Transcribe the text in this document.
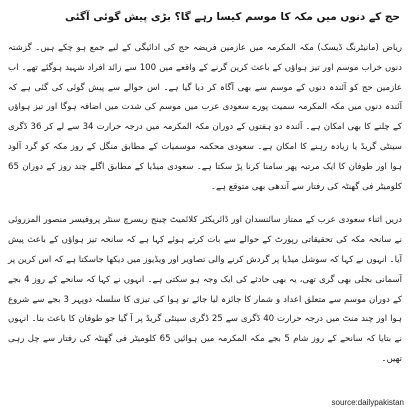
حج کے دنوں میں مکہ کا موسم کیسا رہے گا؟ بڑی پیش گوئی آگئی

ریاض (مانیٹرنگ ڈیسک) مکہ المکرمہ میں عازمین فریضہ حج کی ادائیگی کے لیے جمع ہو چکے ہیں۔ گزشتہ دنوں خراب موسم اور تیز ہواؤں کے باعث کرین گرنے کے واقعے میں 100 سے زائد افراد شہید ہوگئے تھے۔ اب عازمین حج کو آئندہ دنوں کے موسم سے بھی آگاہ کر دیا گیا ہے۔ اس حوالے سے پیش گوئی کی گئی ہے کہ آئندہ دنوں میں مکہ المکرمہ سمیت پورے سعودی عرب میں موسم کی شدت میں اضافہ ہوگا اور تیز ہواؤں کے چلنے کا بھی امکان ہے۔ آئندہ دو ہفتوں کے دوران مکہ المکرمہ میں درجہ حرارت 34 سے لے کر 36 ڈگری سینٹی گریڈ یا زیادہ رہنے کا امکان ہے۔ سعودی محکمہ موسمیات کے مطابق منگل کے روز مکہ کو گرد آلود ہوا اور طوفان کا ایک مرتبہ پھر سامنا کرنا پڑ سکتا ہے۔ سعودی میڈیا کے مطابق اگلے چند روز کے دوران 65 کلومیٹر فی گھنٹہ کی رفتار سے آندھی بھی متوقع ہے۔

دریں اثناء سعودی عرب کے ممتاز سائنسدان اور ڈائریکٹر کلائمیٹ چینج ریسرچ سنٹر پروفیسر منصور المزروئی نے سانحہ مکہ کی تحقیقاتی رپورٹ کے حوالے سے بات کرتے ہوئے کہا ہے کہ سانحہ تیز ہواؤں کے باعث پیش آیا۔ انہوں نے کہا کہ سوشل میڈیا پر گردش کرنے والی تصاویر اور ویڈیوز میں دیکھا جاسکتا ہے کہ اس کرین پر آسمانی بجلی بھی گری تھی، یہ بھی حادثے کی ایک وجہ ہو سکتی ہے۔ انہوں نے کہا کہ سانحے کے روز 4 بجے کے دوران موسم سے متعلق اعداد و شمار کا جائزہ لیا جائے تو ہوا کی تیزی کا سلسلہ دوپہر 3 بجے سے شروع ہوا اور چند منٹ میں درجہ حرارت 40 ڈگری سے 25 ڈگری سینٹی گریڈ پر آ گیا جو طوفان کا باعث بنا۔ انہوں نے بتایا کہ سانحے کے روز شام 5 بجے مکہ المکرمہ میں ہوائیں 65 کلومیٹر فی گھنٹہ کی رفتار سے چل رہی تھیں۔

source:dailypakistan
